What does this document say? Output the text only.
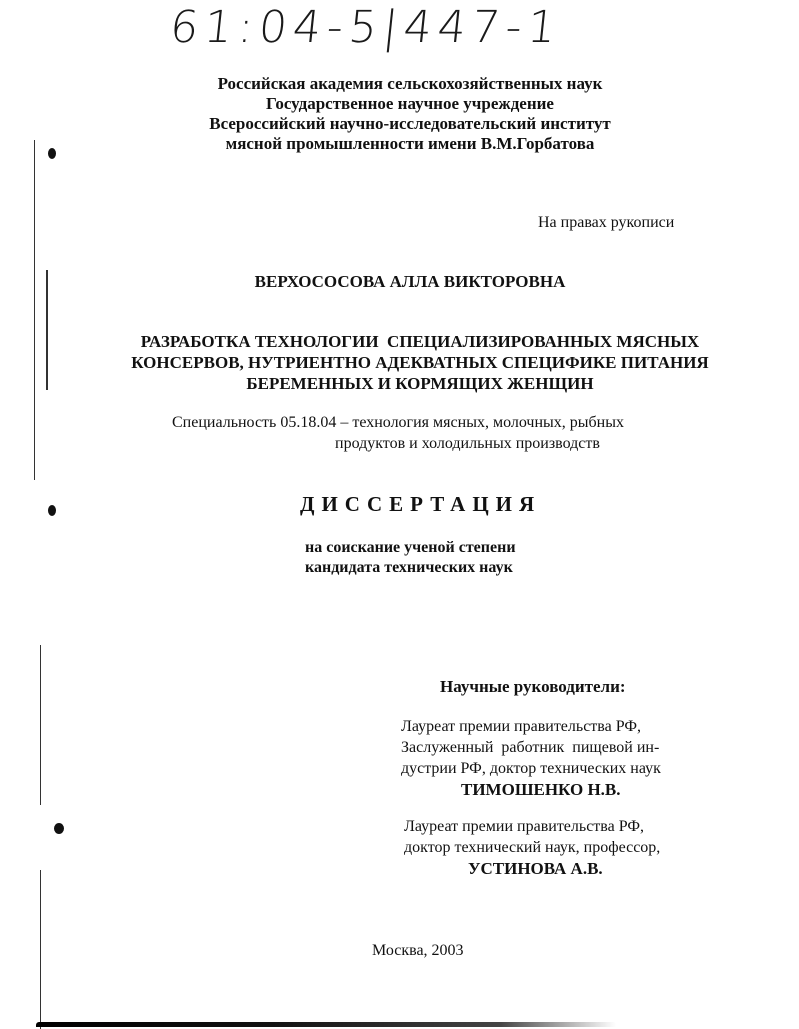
61:04-5|447-1
Российская академия сельскохозяйственных наук
Государственное научное учреждение
Всероссийский научно-исследовательский институт
мясной промышленности имени В.М.Горбатова
На правах рукописи
ВЕРХОСОСОВА АЛЛА ВИКТОРОВНА
РАЗРАБОТКА ТЕХНОЛОГИИ  СПЕЦИАЛИЗИРОВАННЫХ МЯСНЫХ
КОНСЕРВОВ, НУТРИЕНТНО АДЕКВАТНЫХ СПЕЦИФИКЕ ПИТАНИЯ
БЕРЕМЕННЫХ И КОРМЯЩИХ ЖЕНЩИН
Специальность 05.18.04 – технология мясных, молочных, рыбных
продуктов и холодильных производств
ДИССЕРТАЦИЯ
на соискание ученой степени
кандидата технических наук
Научные руководители:
Лауреат премии правительства РФ,
Заслуженный  работник  пищевой ин-
дустрии РФ, доктор технических наук
ТИМОШЕНКО Н.В.
Лауреат премии правительства РФ,
доктор технический наук, профессор,
УСТИНОВА А.В.
Москва, 2003
